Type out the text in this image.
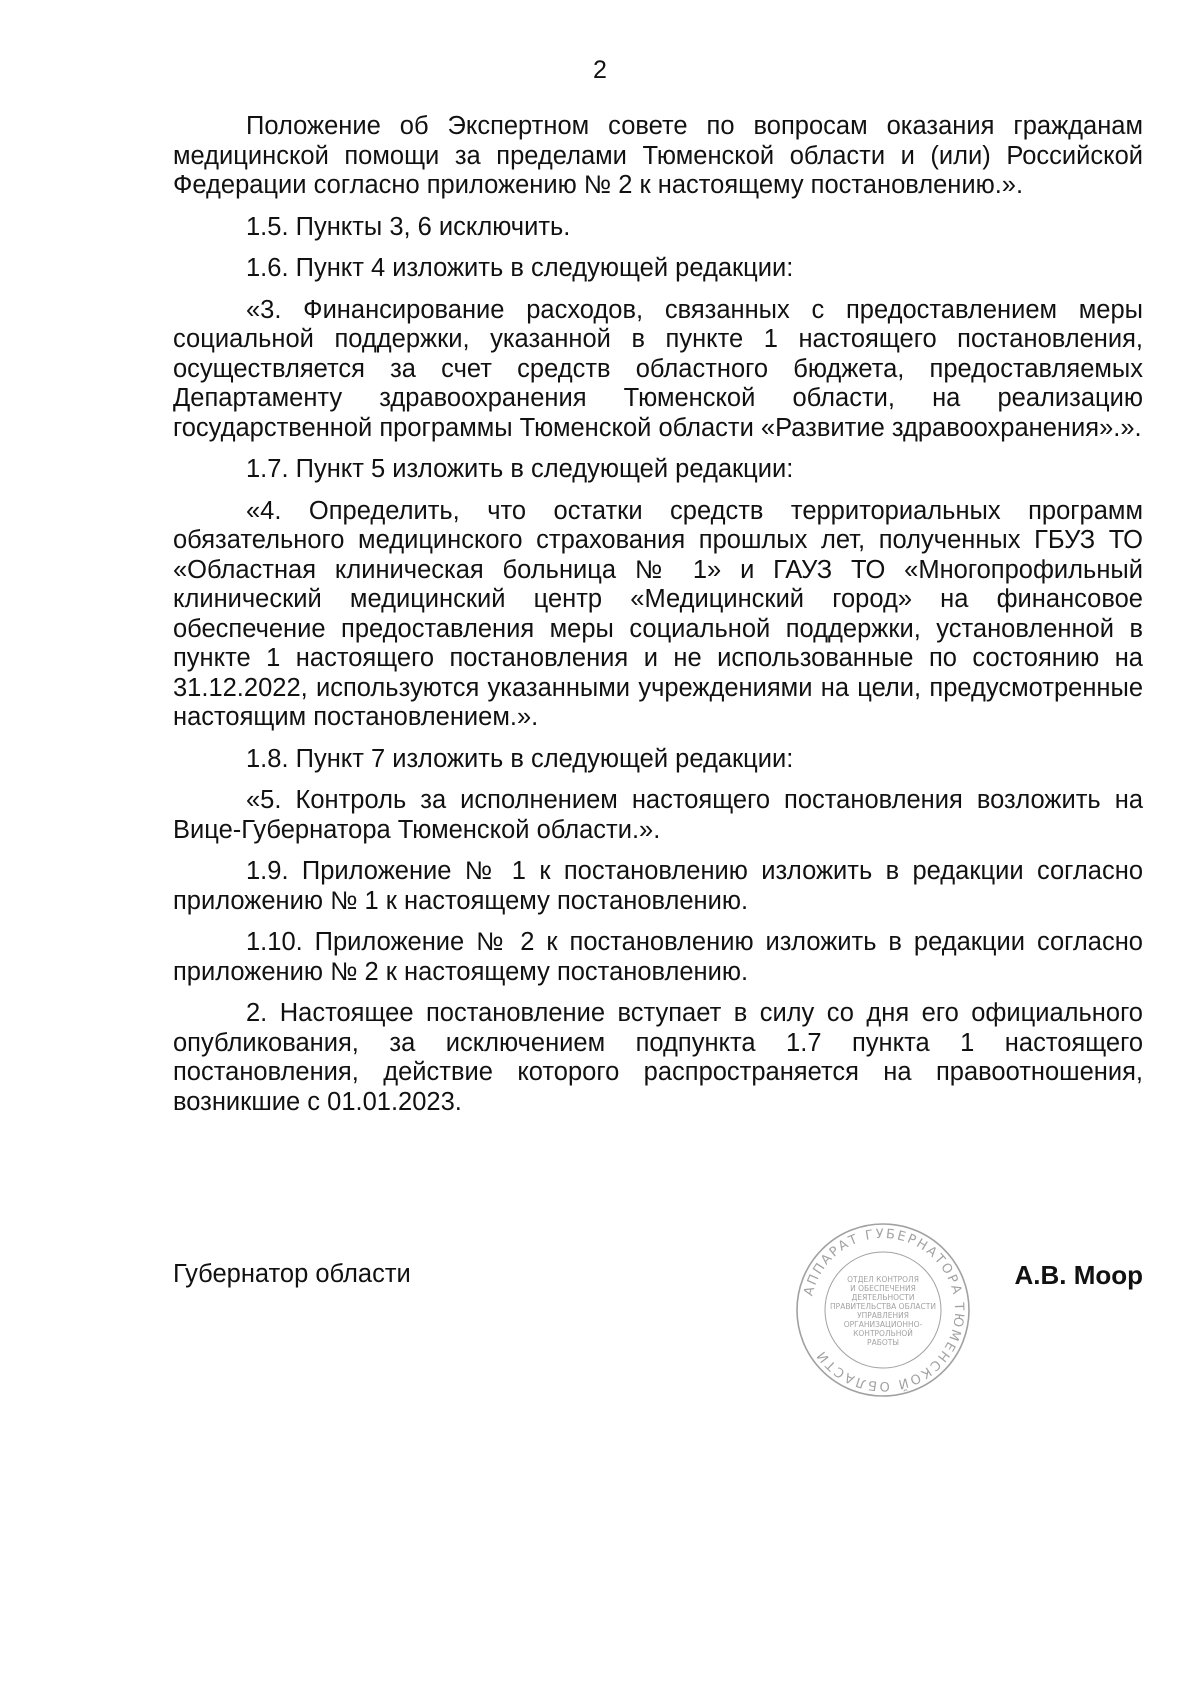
2

Положение об Экспертном совете по вопросам оказания гражданам медицинской помощи за пределами Тюменской области и (или) Российской Федерации согласно приложению № 2 к настоящему постановлению.».

1.5. Пункты 3, 6 исключить.

1.6. Пункт 4 изложить в следующей редакции:

«3. Финансирование расходов, связанных с предоставлением меры социальной поддержки, указанной в пункте 1 настоящего постановления, осуществляется за счет средств областного бюджета, предоставляемых Департаменту здравоохранения Тюменской области, на реализацию государственной программы Тюменской области «Развитие здравоохранения».».

1.7. Пункт 5 изложить в следующей редакции:

«4. Определить, что остатки средств территориальных программ обязательного медицинского страхования прошлых лет, полученных ГБУЗ ТО «Областная клиническая больница № 1» и ГАУЗ ТО «Многопрофильный клинический медицинский центр «Медицинский город» на финансовое обеспечение предоставления меры социальной поддержки, установленной в пункте 1 настоящего постановления и не использованные по состоянию на 31.12.2022, используются указанными учреждениями на цели, предусмотренные настоящим постановлением.».

1.8. Пункт 7 изложить в следующей редакции:

«5. Контроль за исполнением настоящего постановления возложить на Вице-Губернатора Тюменской области.».

1.9. Приложение № 1 к постановлению изложить в редакции согласно приложению № 1 к настоящему постановлению.

1.10. Приложение № 2 к постановлению изложить в редакции согласно приложению № 2 к настоящему постановлению.

2. Настоящее постановление вступает в силу со дня его официального опубликования, за исключением подпункта 1.7 пункта 1 настоящего постановления, действие которого распространяется на правоотношения, возникшие с 01.01.2023.

Губернатор области
АППАРАТ ГУБЕРНАТОРА ТЮМЕНСКОЙ ОБЛАСТИ
ОТДЕЛ КОНТРОЛЯ
И ОБЕСПЕЧЕНИЯ
ДЕЯТЕЛЬНОСТИ
ПРАВИТЕЛЬСТВА ОБЛАСТИ
УПРАВЛЕНИЯ
ОРГАНИЗАЦИОННО-
КОНТРОЛЬНОЙ
РАБОТЫ
А.В. Моор
